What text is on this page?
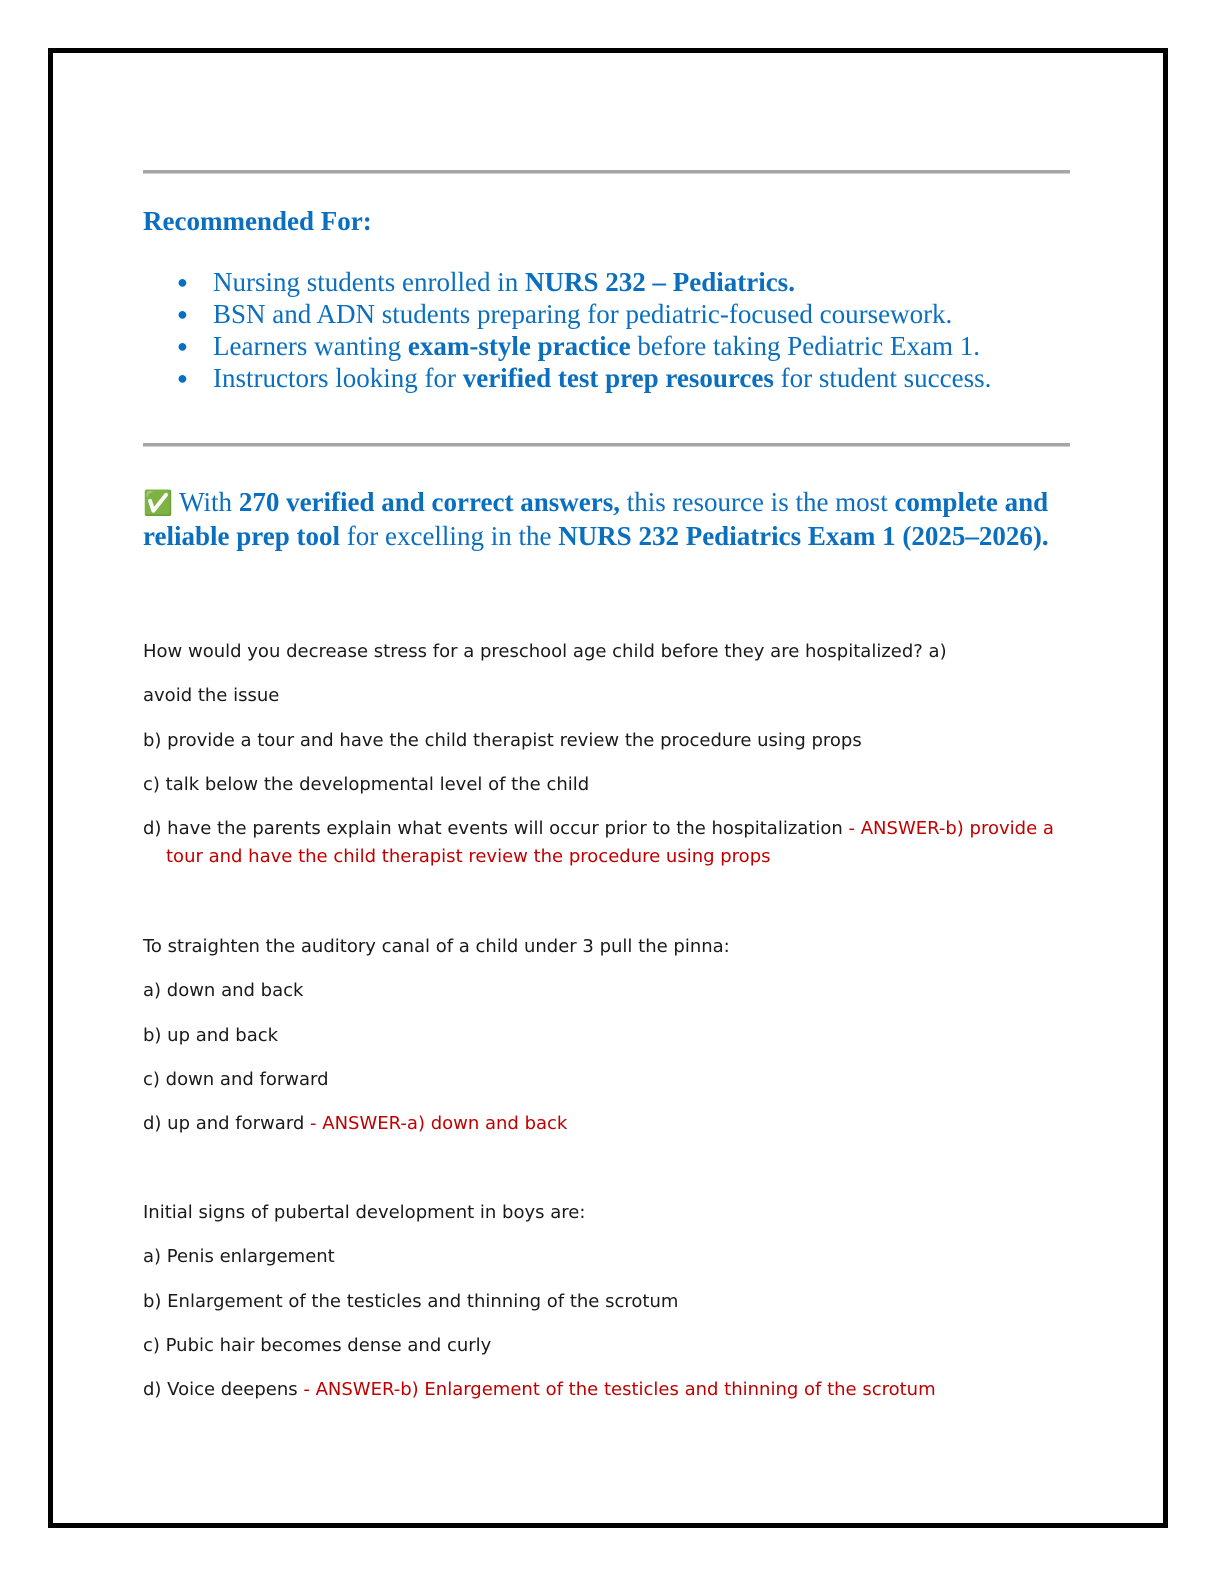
Recommended For:

● Nursing students enrolled in NURS 232 – Pediatrics.
● BSN and ADN students preparing for pediatric-focused coursework.
● Learners wanting exam-style practice before taking Pediatric Exam 1.
● Instructors looking for verified test prep resources for student success.

✅ With 270 verified and correct answers, this resource is the most complete and reliable prep tool for excelling in the NURS 232 Pediatrics Exam 1 (2025–2026).

How would you decrease stress for a preschool age child before they are hospitalized? a)

avoid the issue

b) provide a tour and have the child therapist review the procedure using props

c) talk below the developmental level of the child

d) have the parents explain what events will occur prior to the hospitalization - ANSWER-b) provide a tour and have the child therapist review the procedure using props

To straighten the auditory canal of a child under 3 pull the pinna:

a) down and back

b) up and back

c) down and forward

d) up and forward - ANSWER-a) down and back

Initial signs of pubertal development in boys are:

a) Penis enlargement

b) Enlargement of the testicles and thinning of the scrotum

c) Pubic hair becomes dense and curly

d) Voice deepens - ANSWER-b) Enlargement of the testicles and thinning of the scrotum
